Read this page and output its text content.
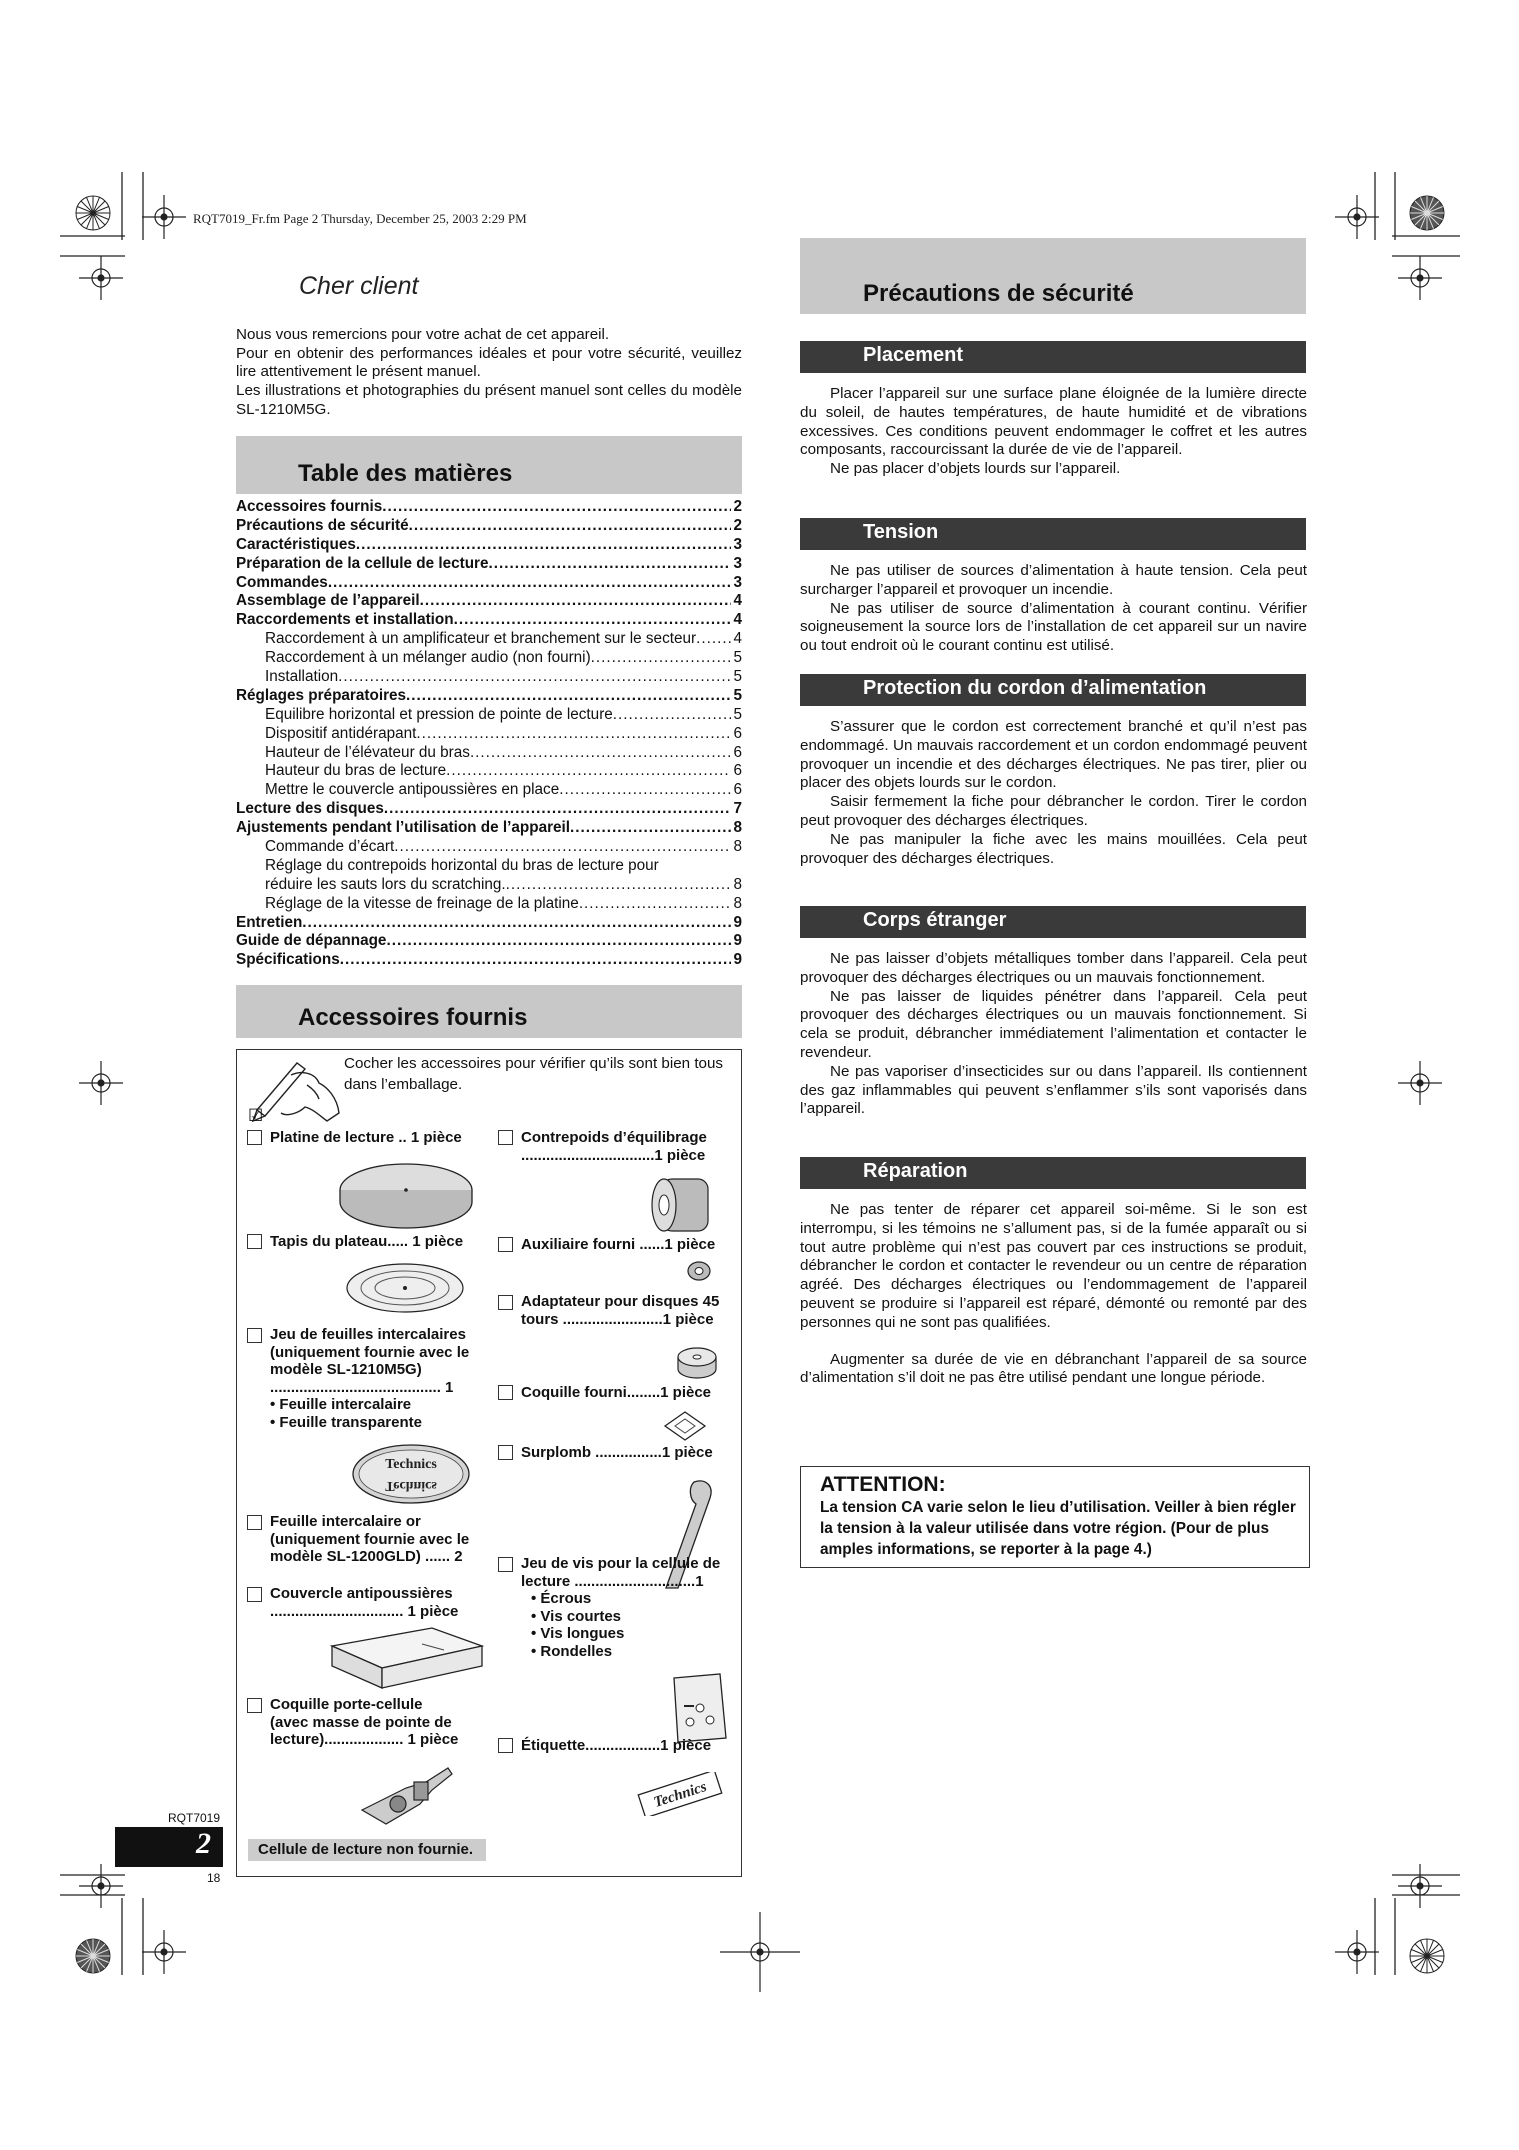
RQT7019_Fr.fm Page 2 Thursday, December 25, 2003 2:29 PM
Cher client

Nous vous remercions pour votre achat de cet appareil.

Pour en obtenir des performances idéales et pour votre sécurité, veuillez lire attentivement le présent manuel.

Les illustrations et photographies du présent manuel sont celles du modèle SL-1210M5G.

Table des matières
Accessoires fournis .....	2
Précautions de sécurité .....	2
Caractéristiques .....	3
Préparation de la cellule de lecture .....	3
Commandes .....	3
Assemblage de l’appareil .....	4
Raccordements et installation .....	4
Raccordement à un amplificateur et branchement sur le secteur ..... 4
Raccordement à un mélanger audio (non fourni) .....	5
Installation .....	5
Réglages préparatoires .....	5
Equilibre horizontal et pression de pointe de lecture .....	5
Dispositif antidérapant .....	6
Hauteur de l’élévateur du bras .....	6
Hauteur du bras de lecture .....	6
Mettre le couvercle antipoussières en place .....	6
Lecture des disques .....	7
Ajustements pendant l’utilisation de l’appareil .....	8
Commande d’écart .....	8
Réglage du contrepoids horizontal du bras de lecture pour
réduire les sauts lors du scratching. .....	8
Réglage de la vitesse de freinage de la platine .....	8
Entretien .....	9
Guide de dépannage .....	9
Spécifications .....	9
Accessoires fournis
☑
Cocher les accessoires pour vérifier qu’ils sont bien tous dans l’emballage.
Platine de lecture .. 1 pièce
Tapis du plateau..... 1 pièce
Jeu de feuilles intercalaires
(uniquement fournie avec le
modèle SL-1210M5G)
......................................... 1
• Feuille intercalaire
• Feuille transparente
Technics
Technics
Feuille intercalaire or
(uniquement fournie avec le
modèle SL-1200GLD) ...... 2
Couvercle antipoussières
................................ 1 pièce
Coquille porte-cellule
(avec masse de pointe de
lecture)................... 1 pièce
Contrepoids d’équilibrage
................................1 pièce
Auxiliaire fourni ......1 pièce
Adaptateur pour disques 45
tours ........................1 pièce
Coquille fourni........1 pièce
Surplomb ................1 pièce
Jeu de vis pour la cellule de
lecture .............................1
• Écrous
• Vis courtes
• Vis longues
• Rondelles
Étiquette..................1 pièce
Technics
Cellule de lecture non fournie.
Précautions de sécurité
Placement

Placer l’appareil sur une surface plane éloignée de la lumière directe du soleil, de hautes températures, de haute humidité et de vibrations excessives. Ces conditions peuvent endommager le coffret et les autres composants, raccourcissant la durée de vie de l’appareil.

Ne pas placer d’objets lourds sur l’appareil.

Tension

Ne pas utiliser de sources d’alimentation à haute tension. Cela peut surcharger l’appareil et provoquer un incendie.

Ne pas utiliser de source d’alimentation à courant continu. Vérifier soigneusement la source lors de l’installation de cet appareil sur un navire ou tout endroit où le courant continu est utilisé.

Protection du cordon d’alimentation

S’assurer que le cordon est correctement branché et qu’il n’est pas endommagé. Un mauvais raccordement et un cordon endommagé peuvent provoquer un incendie et des décharges électriques. Ne pas tirer, plier ou placer des objets lourds sur le cordon.

Saisir fermement la fiche pour débrancher le cordon. Tirer le cordon peut provoquer des décharges électriques.

Ne pas manipuler la fiche avec les mains mouillées. Cela peut provoquer des décharges électriques.

Corps étranger

Ne pas laisser d’objets métalliques tomber dans l’appareil. Cela peut provoquer des décharges électriques ou un mauvais fonctionnement.

Ne pas laisser de liquides pénétrer dans l’appareil. Cela peut provoquer des décharges électriques ou un mauvais fonctionnement. Si cela se produit, débrancher immédiatement l’alimentation et contacter le revendeur.

Ne pas vaporiser d’insecticides sur ou dans l’appareil. Ils contiennent des gaz inflammables qui peuvent s’enflammer s’ils sont vaporisés dans l’appareil.

Réparation

Ne pas tenter de réparer cet appareil soi-même. Si le son est interrompu, si les témoins ne s’allument pas, si de la fumée apparaît ou si tout autre problème qui n’est pas couvert par ces instructions se produit, débrancher le cordon et contacter le revendeur ou un centre de réparation agréé. Des décharges électriques ou l’endommagement de l’appareil peuvent se produire si l’appareil est réparé, démonté ou remonté par des personnes qui ne sont pas qualifiées.

Augmenter sa durée de vie en débranchant l’appareil de sa source d’alimentation s’il doit ne pas être utilisé pendant une longue période.

ATTENTION:
La tension CA varie selon le lieu d’utilisation. Veiller à bien régler la tension à la valeur utilisée dans votre région. (Pour de plus amples informations, se reporter à la page 4.)
RQT7019
2
18
